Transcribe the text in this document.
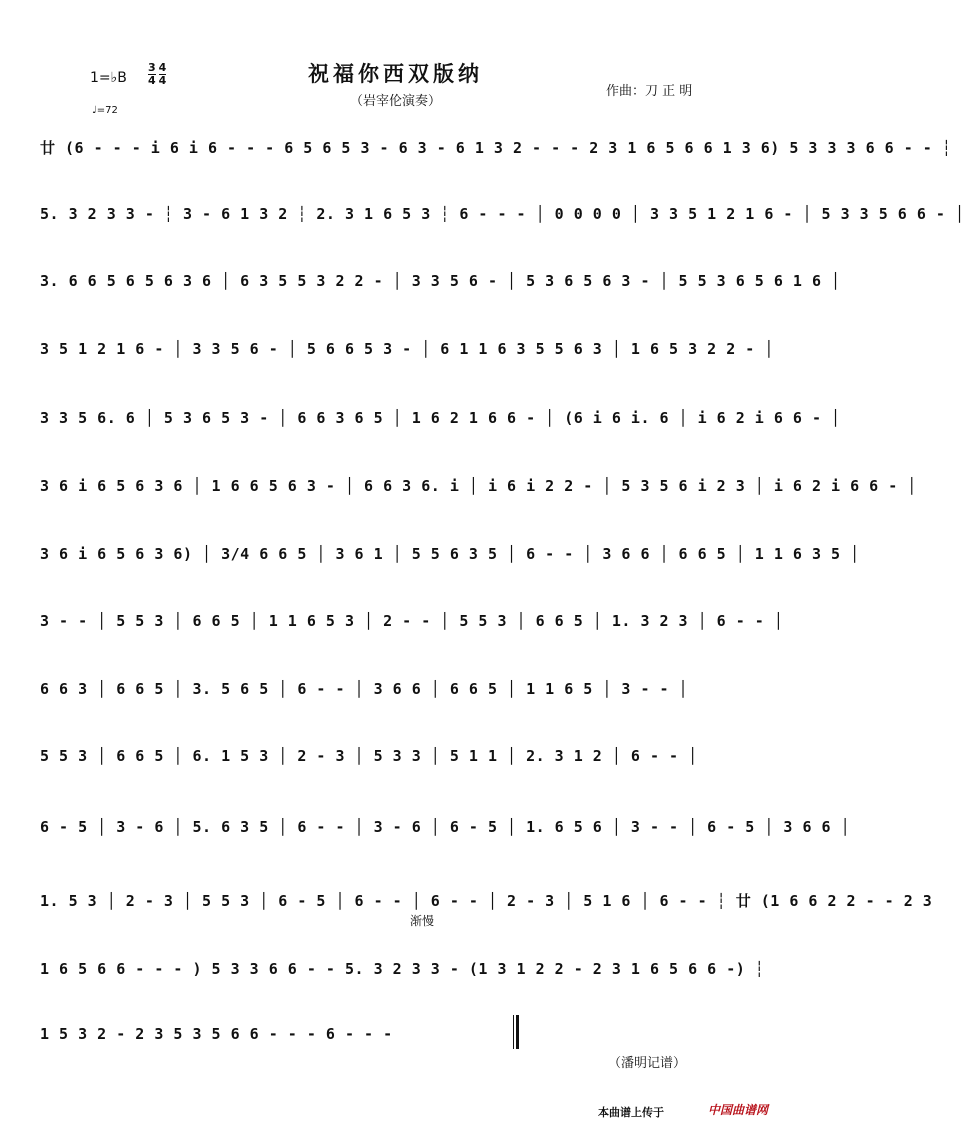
祝福你西双版纳
（岩宰伦演奏）
1=♭B $\frac{3}{4} \frac{4}{4}$
♩=72
作曲：刀 正 明
廿 (6 - - - i 6 i 6 - - - 6 5 6 5 3 - 6 3 - 6 1 3 2 - - - 2 3 1 6 5 6 6 1 3 6) 5 3 3 3 6 6 - - ┆
5. 3 2 3 3 - ┆ 3 - 6 1 3 2 ┆ 2. 3 1 6 5 3 ┆ 6 - - - │ 0 0 0 0 │ 3 3 5 1 2 1 6 - │ 5 3 3 5 6 6 - │
3. 6 6 5 6 5 6 3 6 │ 6 3 5 5 3 2 2 - │ 3 3 5 6 - │ 5 3 6 5 6 3 - │ 5 5 3 6 5 6 1 6 │
3 5 1 2 1 6 - │ 3 3 5 6 - │ 5 6 6 5 3 - │ 6 1 1 6 3 5 5 6 3 │ 1 6 5 3 2 2 - │
3 3 5 6. 6 │ 5 3 6 5 3 - │ 6 6 3 6 5 │ 1 6 2 1 6 6 - │ (6 i 6 i. 6 │ i 6 2 i 6 6 - │
3 6 i 6 5 6 3 6 │ 1 6 6 5 6 3 - │ 6 6 3 6. i │ i 6 i 2 2 - │ 5 3 5 6 i 2 3 │ i 6 2 i 6 6 - │
3 6 i 6 5 6 3 6) │ 3/4 6 6 5 │ 3 6 1 │ 5 5 6 3 5 │ 6 - - │ 3 6 6 │ 6 6 5 │ 1 1 6 3 5 │
3 - - │ 5 5 3 │ 6 6 5 │ 1 1 6 5 3 │ 2 - - │ 5 5 3 │ 6 6 5 │ 1. 3 2 3 │ 6 - - │
6 6 3 │ 6 6 5 │ 3. 5 6 5 │ 6 - - │ 3 6 6 │ 6 6 5 │ 1 1 6 5 │ 3 - - │
5 5 3 │ 6 6 5 │ 6. 1 5 3 │ 2 - 3 │ 5 3 3 │ 5 1 1 │ 2. 3 1 2 │ 6 - - │
6 - 5 │ 3 - 6 │ 5. 6 3 5 │ 6 - - │ 3 - 6 │ 6 - 5 │ 1. 6 5 6 │ 3 - - │ 6 - 5 │ 3 6 6 │
1. 5 3 │ 2 - 3 │ 5 5 3 │ 6 - 5 │ 6 - - │ 6 - - │ 2 - 3 │ 5 1 6 │ 6 - - ┆ 廿 (1 6 6 2 2 - - 2 3
1 6 5 6 6 - - - ) 5 3 3 6 6 - - 5. 3 2 3 3 - (1 3 1 2 2 - 2 3 1 6 5 6 6 -) ┆
1 5 3 2 - 2 3 5 3 5 6 6 - - - 6 - - -
渐慢
（潘明记谱）
本曲谱上传于	中国曲谱网
